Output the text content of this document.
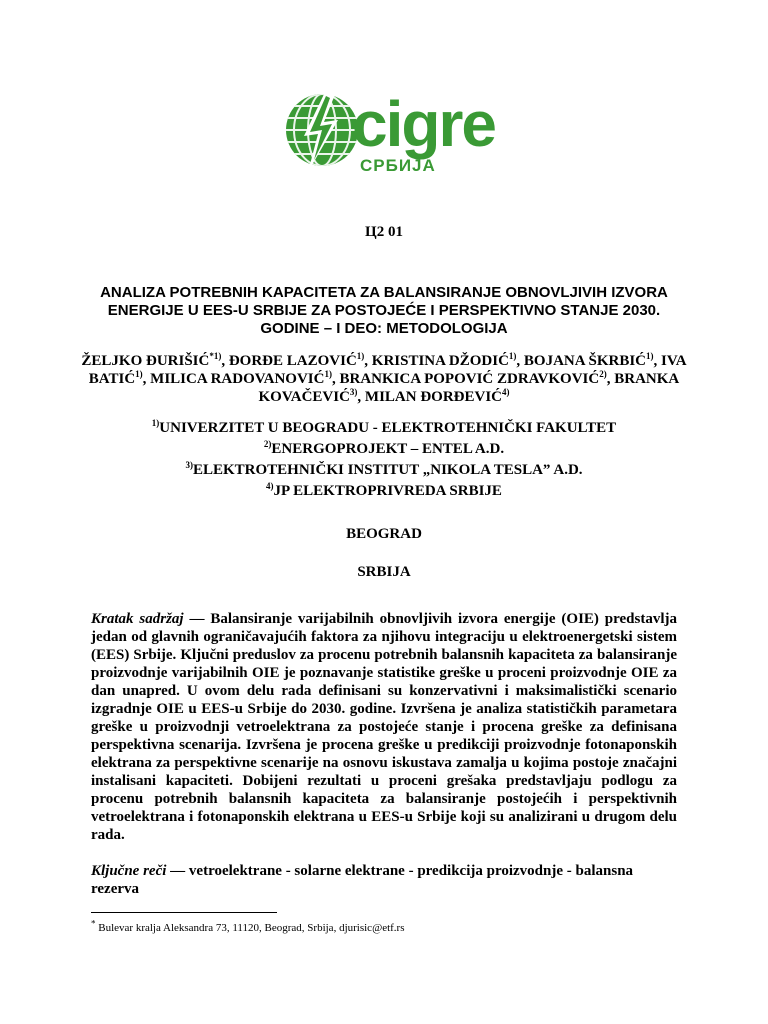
cigre
СРБИЈА
Ц2 01
ANALIZA POTREBNIH KAPACITETA ZA BALANSIRANJE OBNOVLJIVIH IZVORA ENERGIJE U EES-U SRBIJE ZA POSTOJEĆE I PERSPEKTIVNO STANJE 2030. GODINE – I DEO: METODOLOGIJA
ŽELJKO ĐURIŠIĆ$^{*1)}$, ĐORĐE LAZOVIĆ$^{1)}$, KRISTINA DŽODIĆ$^{1)}$, BOJANA ŠKRBIĆ$^{1)}$, IVA BATIĆ$^{1)}$, MILICA RADOVANOVIĆ$^{1)}$, BRANKICA POPOVIĆ ZDRAVKOVIĆ$^{2)}$, BRANKA KOVAČEVIĆ$^{3)}$, MILAN ĐORĐEVIĆ$^{4)}$
$^{1)}$UNIVERZITET U BEOGRADU - ELEKTROTEHNIČKI FAKULTET
$^{2)}$ENERGOPROJEKT – ENTEL A.D.
$^{3)}$ELEKTROTEHNIČKI INSTITUT „NIKOLA TESLA” A.D.
$^{4)}$JP ELEKTROPRIVREDA SRBIJE
BEOGRAD
SRBIJA

Kratak sadržaj — Balansiranje varijabilnih obnovljivih izvora energije (OIE) predstavlja jedan od glavnih ograničavajućih faktora za njihovu integraciju u elektroenergetski sistem (EES) Srbije. Ključni preduslov za procenu potrebnih balansnih kapaciteta za balansiranje proizvodnje varijabilnih OIE je poznavanje statistike greške u proceni proizvodnje OIE za dan unapred. U ovom delu rada definisani su konzervativni i maksimalistički scenario izgradnje OIE u EES-u Srbije do 2030. godine. Izvršena je analiza statističkih parametara greške u proizvodnji vetroelektrana za postojeće stanje i procena greške za definisana perspektivna scenarija. Izvršena je procena greške u predikciji proizvodnje fotonaponskih elektrana za perspektivne scenarije na osnovu iskustava zamalja u kojima postoje značajni instalisani kapaciteti. Dobijeni rezultati u proceni grešaka predstavljaju podlogu za procenu potrebnih balansnih kapaciteta za balansiranje postojećih i perspektivnih vetroelektrana i fotonaponskih elektrana u EES-u Srbije koji su analizirani u drugom delu rada.

Ključne reči — vetroelektrane - solarne elektrane - predikcija proizvodnje - balansna rezerva

* Bulevar kralja Aleksandra 73, 11120, Beograd, Srbija, djurisic@etf.rs
